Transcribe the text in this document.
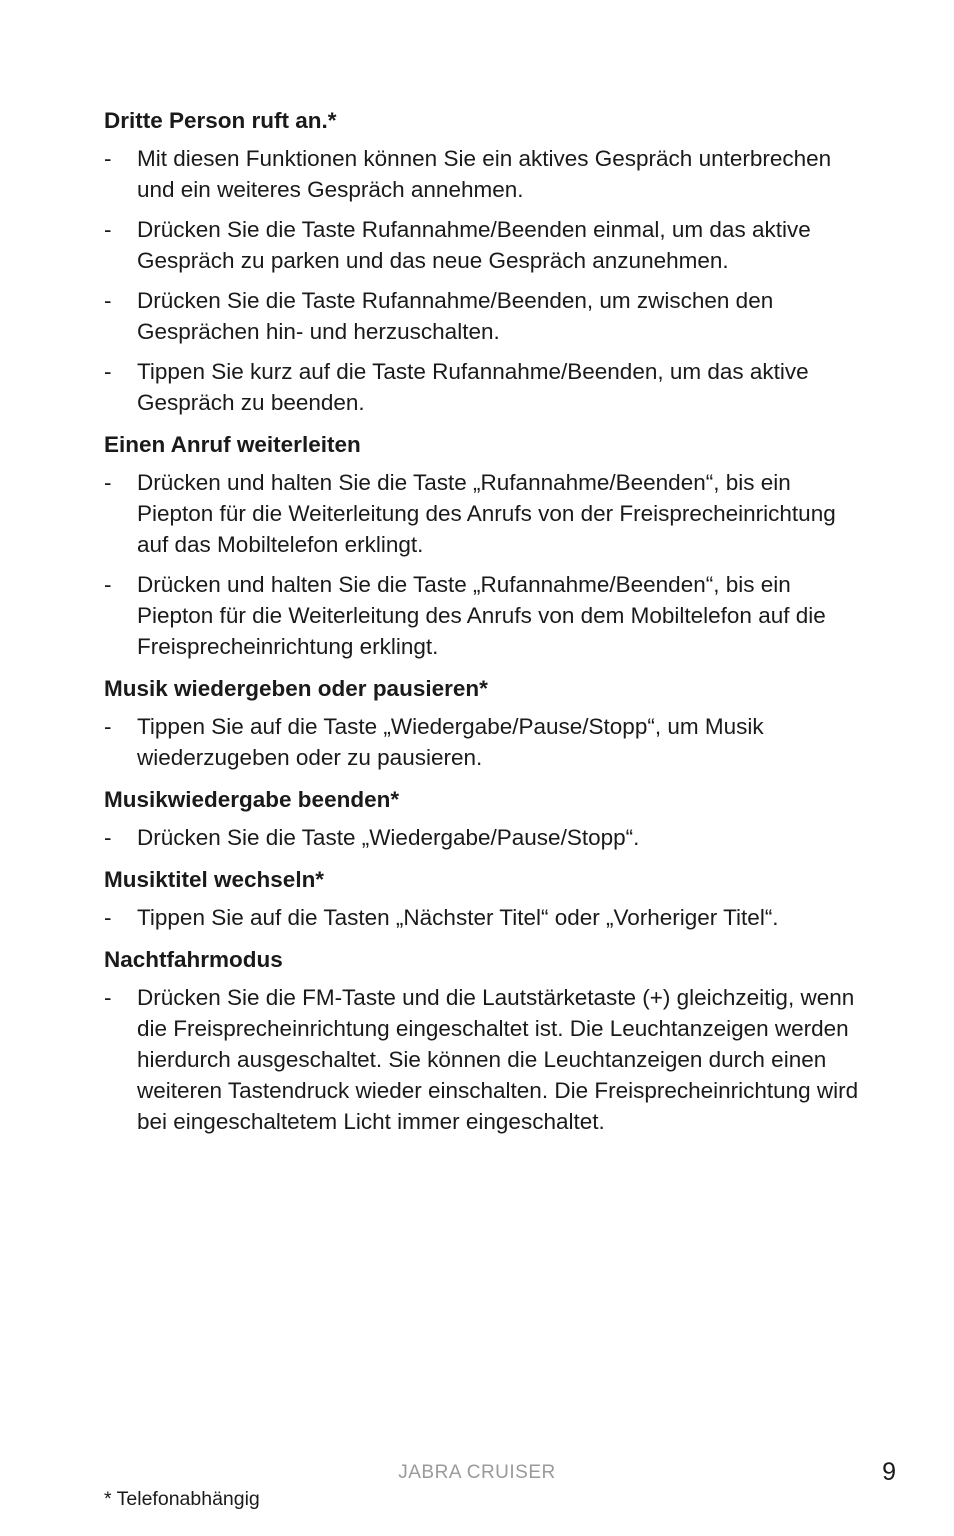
Dritte Person ruft an.*
- Mit diesen Funktionen können Sie ein aktives Gespräch unterbrechen und ein weiteres Gespräch annehmen.
- Drücken Sie die Taste Rufannahme/Beenden einmal, um das aktive Gespräch zu parken und das neue Gespräch anzunehmen.
- Drücken Sie die Taste Rufannahme/Beenden, um zwischen den Gesprächen hin- und herzuschalten.
- Tippen Sie kurz auf die Taste Rufannahme/Beenden, um das aktive Gespräch zu beenden.
Einen Anruf weiterleiten
- Drücken und halten Sie die Taste „Rufannahme/Beenden“, bis ein Piepton für die Weiterleitung des Anrufs von der Freisprecheinrichtung auf das Mobiltelefon erklingt.
- Drücken und halten Sie die Taste „Rufannahme/Beenden“, bis ein Piepton für die Weiterleitung des Anrufs von dem Mobiltelefon auf die Freisprecheinrichtung erklingt.
Musik wiedergeben oder pausieren*
- Tippen Sie auf die Taste „Wiedergabe/Pause/Stopp“, um Musik wiederzugeben oder zu pausieren.
Musikwiedergabe beenden*
- Drücken Sie die Taste „Wiedergabe/Pause/Stopp“.
Musiktitel wechseln*
- Tippen Sie auf die Tasten „Nächster Titel“ oder „Vorheriger Titel“.
Nachtfahrmodus
- Drücken Sie die FM-Taste und die Lautstärketaste (+) gleichzeitig, wenn die Freisprecheinrichtung eingeschaltet ist. Die Leuchtanzeigen werden hierdurch ausgeschaltet. Sie können die Leuchtanzeigen durch einen weiteren Tastendruck wieder einschalten. Die Freisprecheinrichtung wird bei eingeschaltetem Licht immer eingeschaltet.
JABRA CRUISER	9
* Telefonabhängig
